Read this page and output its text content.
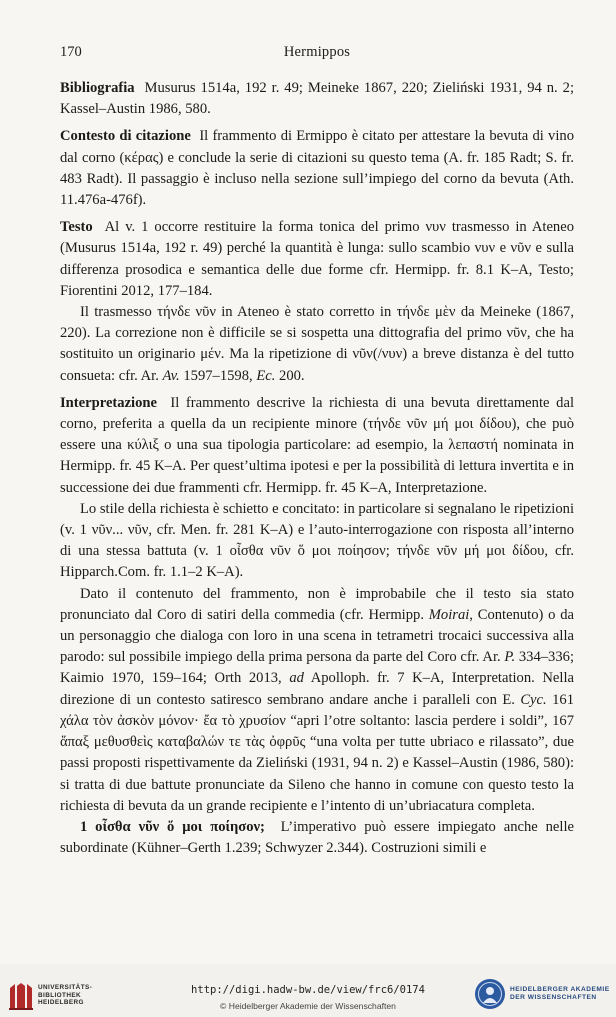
170	Hermippos

Bibliografia Musurus 1514a, 192 r. 49; Meineke 1867, 220; Zieliński 1931, 94 n. 2; Kassel–Austin 1986, 580.

Contesto di citazione Il frammento di Ermippo è citato per attestare la bevuta di vino dal corno (κέρας) e conclude la serie di citazioni su questo tema (A. fr. 185 Radt; S. fr. 483 Radt). Il passaggio è incluso nella sezione sull’impiego del corno da bevuta (Ath. 11.476a-476f).

Testo Al v. 1 occorre restituire la forma tonica del primo νυν trasmesso in Ateneo (Musurus 1514a, 192 r. 49) perché la quantità è lunga: sullo scambio νυν e νῦν e sulla differenza prosodica e semantica delle due forme cfr. Hermipp. fr. 8.1 K–A, Testo; Fiorentini 2012, 177–184.

Il trasmesso τήνδε νῦν in Ateneo è stato corretto in τήνδε μὲν da Meineke (1867, 220). La correzione non è difficile se si sospetta una dittografia del primo νῦν, che ha sostituito un originario μέν. Ma la ripetizione di νῦν(/νυν) a breve distanza è del tutto consueta: cfr. Ar. Av. 1597–1598, Ec. 200.

Interpretazione Il frammento descrive la richiesta di una bevuta direttamente dal corno, preferita a quella da un recipiente minore (τήνδε νῦν μή μοι δίδου), che può essere una κύλιξ o una sua tipologia particolare: ad esempio, la λεπαστή nominata in Hermipp. fr. 45 K–A. Per quest’ultima ipotesi e per la possibilità di lettura invertita e in successione dei due frammenti cfr. Hermipp. fr. 45 K–A, Interpretazione.

Lo stile della richiesta è schietto e concitato: in particolare si segnalano le ripetizioni (v. 1 νῦν... νῦν, cfr. Men. fr. 281 K–A) e l’auto-interrogazione con risposta all’interno di una stessa battuta (v. 1 οἶσθα νῦν ὅ μοι ποίησον; τήνδε νῦν μή μοι δίδου, cfr. Hipparch.Com. fr. 1.1–2 K–A).

Dato il contenuto del frammento, non è improbabile che il testo sia stato pronunciato dal Coro di satiri della commedia (cfr. Hermipp. Moirai, Contenuto) o da un personaggio che dialoga con loro in una scena in tetrametri trocaici successiva alla parodo: sul possibile impiego della prima persona da parte del Coro cfr. Ar. P. 334–336; Kaimio 1970, 159–164; Orth 2013, ad Apolloph. fr. 7 K–A, Interpretation. Nella direzione di un contesto satiresco sembrano andare anche i paralleli con E. Cyc. 161 χάλα τὸν ἀσκὸν μόνον· ἔα τὸ χρυσίον “apri l’otre soltanto: lascia perdere i soldi”, 167 ἅπαξ μεθυσθεὶς καταβαλών τε τὰς ὀφρῦς “una volta per tutte ubriaco e rilassato”, due passi proposti rispettivamente da Zieliński (1931, 94 n. 2) e Kassel–Austin (1986, 580): si tratta di due battute pronunciate da Sileno che hanno in comune con questo testo la richiesta di bevuta da un grande recipiente e l’intento di un’ubriacatura completa.

1 οἶσθα νῦν ὅ μοι ποίησον; L’imperativo può essere impiegato anche nelle subordinate (Kühner–Gerth 1.239; Schwyzer 2.344). Costruzioni simili e

UNIVERSITÄTS-
BIBLIOTHEK
HEIDELBERG
http://digi.hadw-bw.de/view/frc6/0174
© Heidelberger Akademie der Wissenschaften
HEIDELBERGER AKADEMIE
DER WISSENSCHAFTEN
